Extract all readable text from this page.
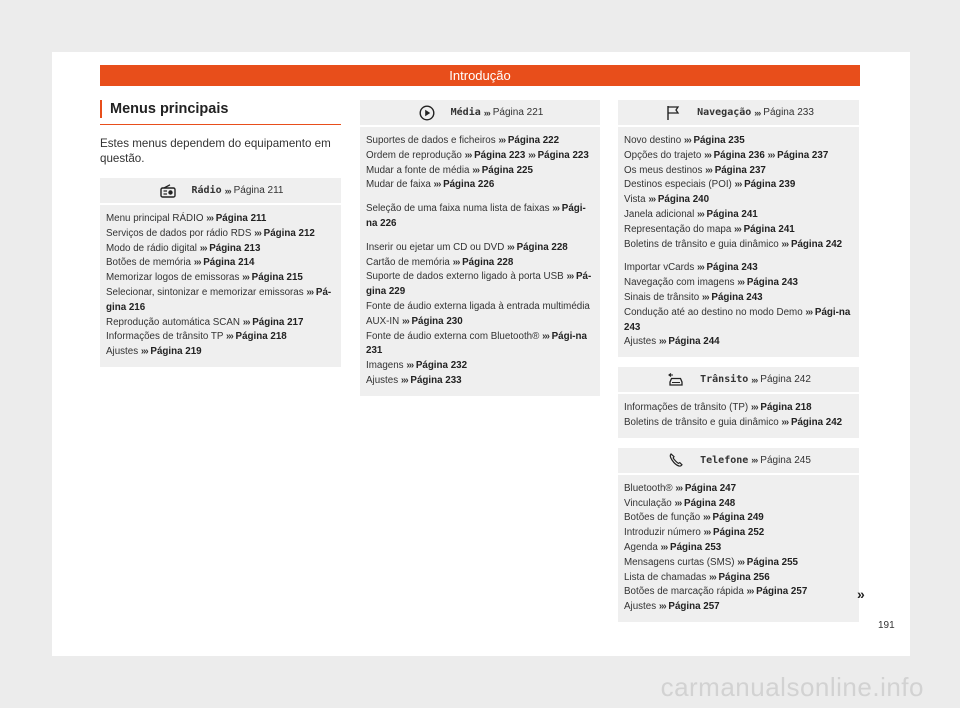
Introdução
Menus principais

Estes menus dependem do equipamento em questão.

Rádio ››› Página 211

Menu principal RÁDIO ››› Página 211

Serviços de dados por rádio RDS ››› Página 212

Modo de rádio digital ››› Página 213

Botões de memória ››› Página 214

Memorizar logos de emissoras ››› Página 215

Selecionar, sintonizar e memorizar emissoras ››› Pá-gina 216

Reprodução automática SCAN ››› Página 217

Informações de trânsito TP ››› Página 218

Ajustes ››› Página 219

Média ››› Página 221

Suportes de dados e ficheiros ››› Página 222

Ordem de reprodução ››› Página 223 ››› Página 223

Mudar a fonte de média ››› Página 225

Mudar de faixa ››› Página 226

Seleção de uma faixa numa lista de faixas ››› Pági-na 226

Inserir ou ejetar um CD ou DVD ››› Página 228

Cartão de memória ››› Página 228

Suporte de dados externo ligado à porta USB ››› Pá-gina 229

Fonte de áudio externa ligada à entrada multimédia AUX-IN ››› Página 230

Fonte de áudio externa com Bluetooth® ››› Pági-na 231

Imagens ››› Página 232

Ajustes ››› Página 233

Navegação ››› Página 233

Novo destino ››› Página 235

Opções do trajeto ››› Página 236 ››› Página 237

Os meus destinos ››› Página 237

Destinos especiais (POI) ››› Página 239

Vista ››› Página 240

Janela adicional ››› Página 241

Representação do mapa ››› Página 241

Boletins de trânsito e guia dinâmico ››› Página 242

Importar vCards ››› Página 243

Navegação com imagens ››› Página 243

Sinais de trânsito ››› Página 243

Condução até ao destino no modo Demo ››› Pági-na 243

Ajustes ››› Página 244

Trânsito ››› Página 242

Informações de trânsito (TP) ››› Página 218

Boletins de trânsito e guia dinâmico ››› Página 242

Telefone ››› Página 245

Bluetooth® ››› Página 247

Vinculação ››› Página 248

Botões de função ››› Página 249

Introduzir número ››› Página 252

Agenda ››› Página 253

Mensagens curtas (SMS) ››› Página 255

Lista de chamadas ››› Página 256

Botões de marcação rápida ››› Página 257

Ajustes ››› Página 257

»
191
carmanualsonline.info
